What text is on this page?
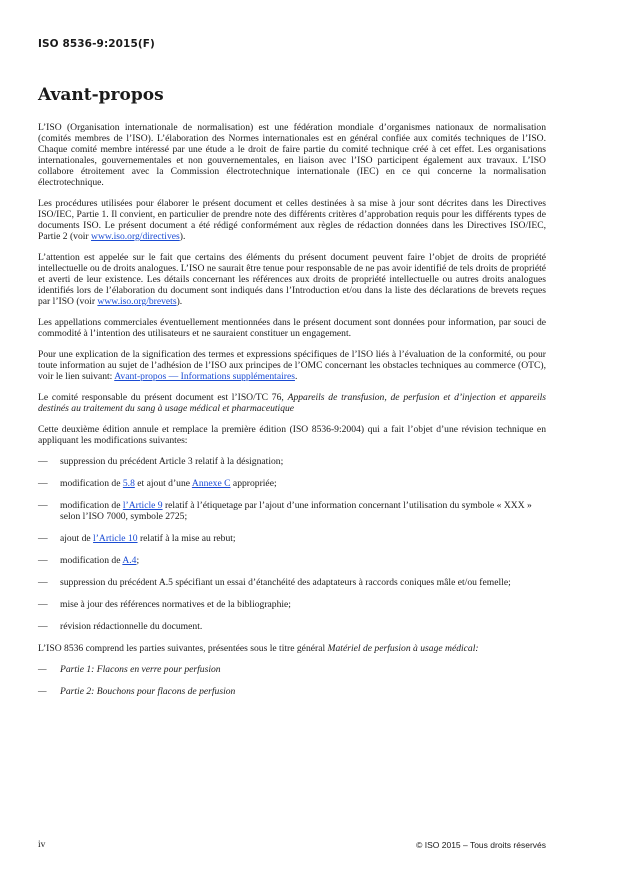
ISO 8536-9:2015(F)
Avant-propos

L’ISO (Organisation internationale de normalisation) est une fédération mondiale d’organismes nationaux de normalisation (comités membres de l’ISO). L’élaboration des Normes internationales est en général confiée aux comités techniques de l’ISO. Chaque comité membre intéressé par une étude a le droit de faire partie du comité technique créé à cet effet. Les organisations internationales, gouvernementales et non gouvernementales, en liaison avec l’ISO participent également aux travaux. L’ISO collabore étroitement avec la Commission électrotechnique internationale (IEC) en ce qui concerne la normalisation électrotechnique.

Les procédures utilisées pour élaborer le présent document et celles destinées à sa mise à jour sont décrites dans les Directives ISO/IEC, Partie 1. Il convient, en particulier de prendre note des différents critères d’approbation requis pour les différents types de documents ISO. Le présent document a été rédigé conformément aux règles de rédaction données dans les Directives ISO/IEC, Partie 2 (voir www.iso.org/directives).

L’attention est appelée sur le fait que certains des éléments du présent document peuvent faire l’objet de droits de propriété intellectuelle ou de droits analogues. L’ISO ne saurait être tenue pour responsable de ne pas avoir identifié de tels droits de propriété et averti de leur existence. Les détails concernant les références aux droits de propriété intellectuelle ou autres droits analogues identifiés lors de l’élaboration du document sont indiqués dans l’Introduction et/ou dans la liste des déclarations de brevets reçues par l’ISO (voir www.iso.org/brevets).

Les appellations commerciales éventuellement mentionnées dans le présent document sont données pour information, par souci de commodité à l’intention des utilisateurs et ne sauraient constituer un engagement.

Pour une explication de la signification des termes et expressions spécifiques de l’ISO liés à l’évaluation de la conformité, ou pour toute information au sujet de l’adhésion de l’ISO aux principes de l’OMC concernant les obstacles techniques au commerce (OTC), voir le lien suivant: Avant-propos — Informations supplémentaires.

Le comité responsable du présent document est l’ISO/TC 76, Appareils de transfusion, de perfusion et d’injection et appareils destinés au traitement du sang à usage médical et pharmaceutique

Cette deuxième édition annule et remplace la première édition (ISO 8536-9:2004) qui a fait l’objet d’une révision technique en appliquant les modifications suivantes:

—	suppression du précédent Article 3 relatif à la désignation;
—	modification de 5.8 et ajout d’une Annexe C appropriée;
—	modification de l’Article 9 relatif à l’étiquetage par l’ajout d’une information concernant l’utilisation du symbole « XXX » selon l’ISO 7000, symbole 2725;
—	ajout de l’Article 10 relatif à la mise au rebut;
—	modification de A.4;
—	suppression du précédent A.5 spécifiant un essai d’étanchéité des adaptateurs à raccords coniques mâle et/ou femelle;
—	mise à jour des références normatives et de la bibliographie;
—	révision rédactionnelle du document.

L’ISO 8536 comprend les parties suivantes, présentées sous le titre général Matériel de perfusion à usage médical:

—	Partie 1: Flacons en verre pour perfusion
—	Partie 2: Bouchons pour flacons de perfusion
iv	© ISO 2015 – Tous droits réservés
